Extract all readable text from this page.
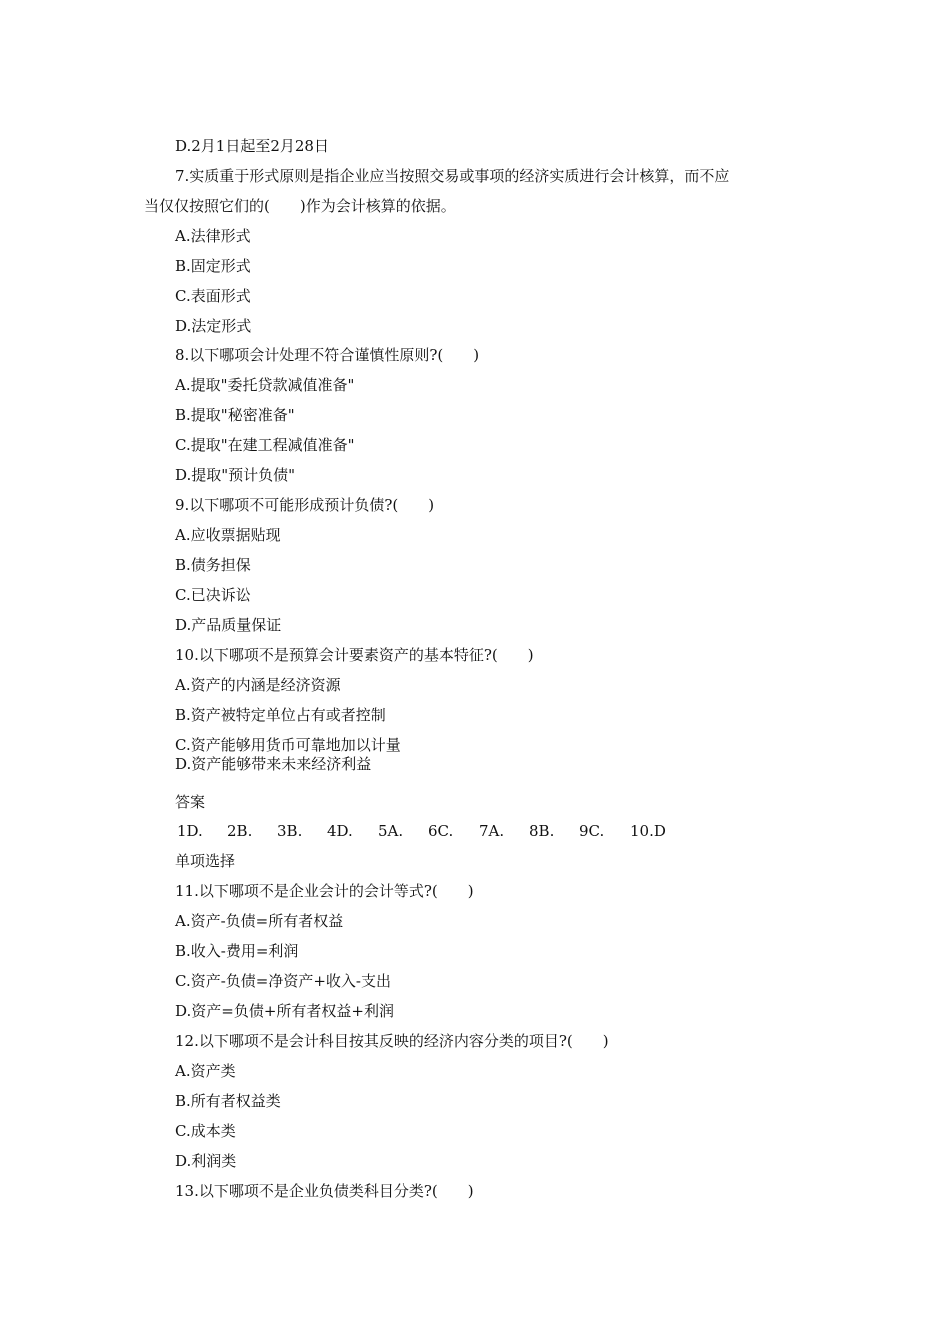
D.2月1日起至2月28日
7.实质重于形式原则是指企业应当按照交易或事项的经济实质进行会计核算，而不应
当仅仅按照它们的(　　)作为会计核算的依据。
A.法律形式
B.固定形式
C.表面形式
D.法定形式
8.以下哪项会计处理不符合谨慎性原则?(　　)
A.提取"委托贷款减值准备"
B.提取"秘密准备"
C.提取"在建工程减值准备"
D.提取"预计负债"
9.以下哪项不可能形成预计负债?(　　)
A.应收票据贴现
B.债务担保
C.已决诉讼
D.产品质量保证
10.以下哪项不是预算会计要素资产的基本特征?(　　)
A.资产的内涵是经济资源
B.资产被特定单位占有或者控制
C.资产能够用货币可靠地加以计量
D.资产能够带来未来经济利益
答案
1D. 2B. 3B. 4D. 5A. 6C. 7A. 8B. 9C. 10.D
单项选择
11.以下哪项不是企业会计的会计等式?(　　)
A.资产-负债=所有者权益
B.收入-费用=利润
C.资产-负债=净资产+收入-支出
D.资产=负债+所有者权益+利润
12.以下哪项不是会计科目按其反映的经济内容分类的项目?(　　)
A.资产类
B.所有者权益类
C.成本类
D.利润类
13.以下哪项不是企业负债类科目分类?(　　)
